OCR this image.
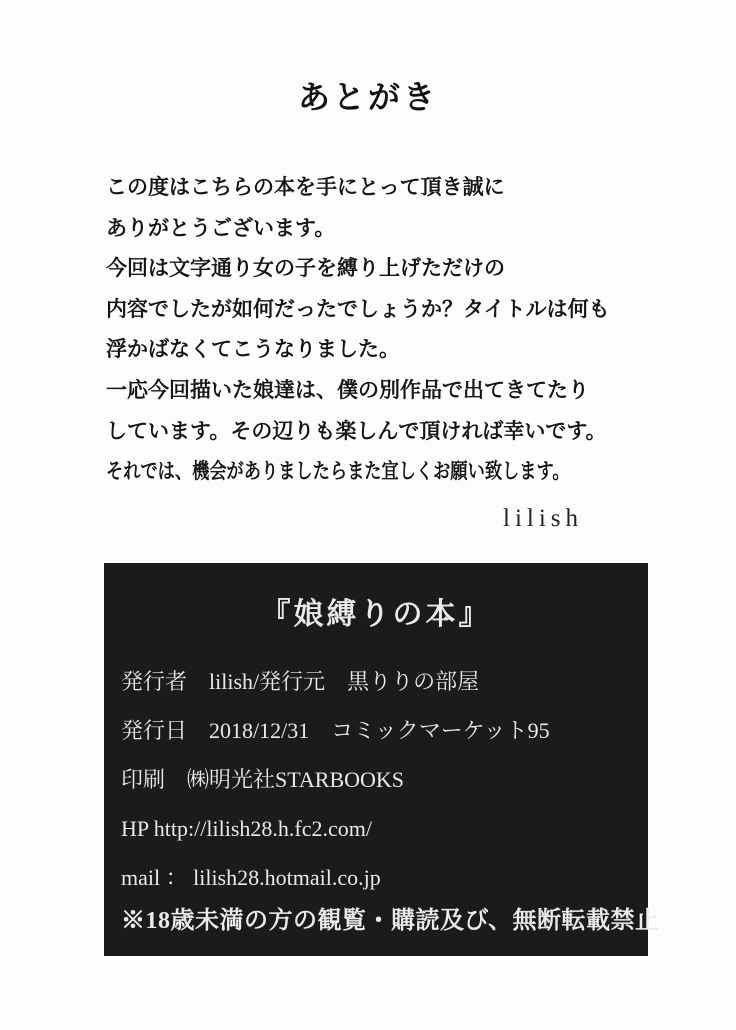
あとがき
この度はこちらの本を手にとって頂き誠に
ありがとうございます。
今回は文字通り女の子を縛り上げただけの
内容でしたが如何だったでしょうか？タイトルは何も
浮かばなくてこうなりました。
一応今回描いた娘達は、僕の別作品で出てきてたり
しています。その辺りも楽しんで頂ければ幸いです。
それでは、機会がありましたらまた宜しくお願い致します。
lilish
『娘縛りの本』
発行者　lilish/発行元　黒りりの部屋
発行日　2018/12/31　コミックマーケット95
印刷　㈱明光社STARBOOKS
HP http://lilish28.h.fc2.com/
mail ： lilish28.hotmail.co.jp
※18歳未満の方の観覧・購読及び、無断転載禁止
